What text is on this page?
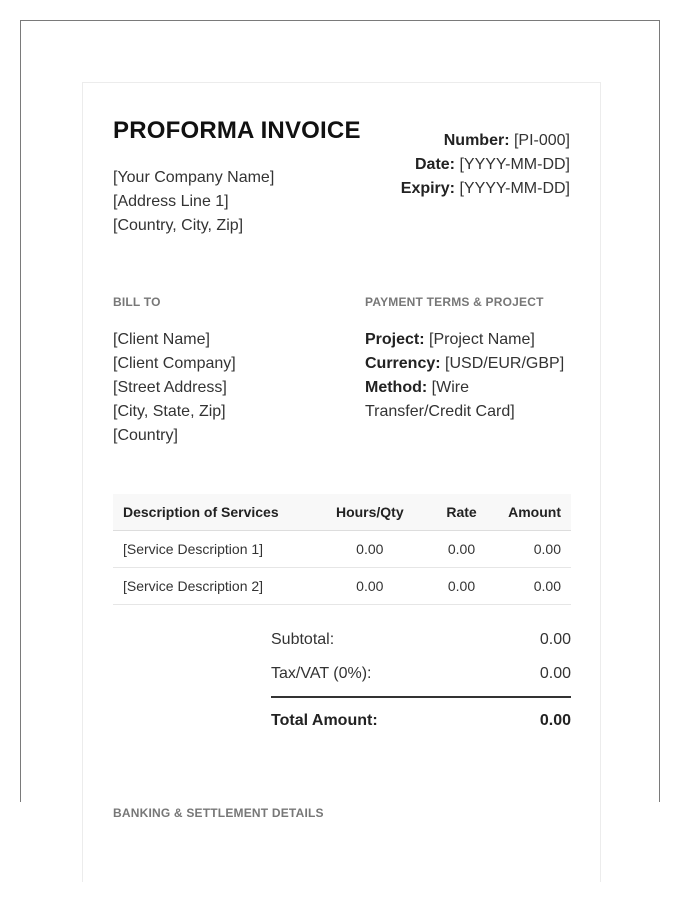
PROFORMA INVOICE
[Your Company Name]
[Address Line 1]
[Country, City, Zip]
Number: [PI-000]
Date: [YYYY-MM-DD]
Expiry: [YYYY-MM-DD]
BILL TO	PAYMENT TERMS & PROJECT
[Client Name]
[Client Company]
[Street Address]
[City, State, Zip]
[Country]
Project: [Project Name]
Currency: [USD/EUR/GBP]
Method: [Wire Transfer/Credit Card]
Description of Services	Hours/Qty	Rate	Amount
[Service Description 1]	0.00	0.00	0.00
[Service Description 2]	0.00	0.00	0.00
Subtotal:	0.00
Tax/VAT (0%):	0.00
Total Amount:	0.00
BANKING & SETTLEMENT DETAILS
